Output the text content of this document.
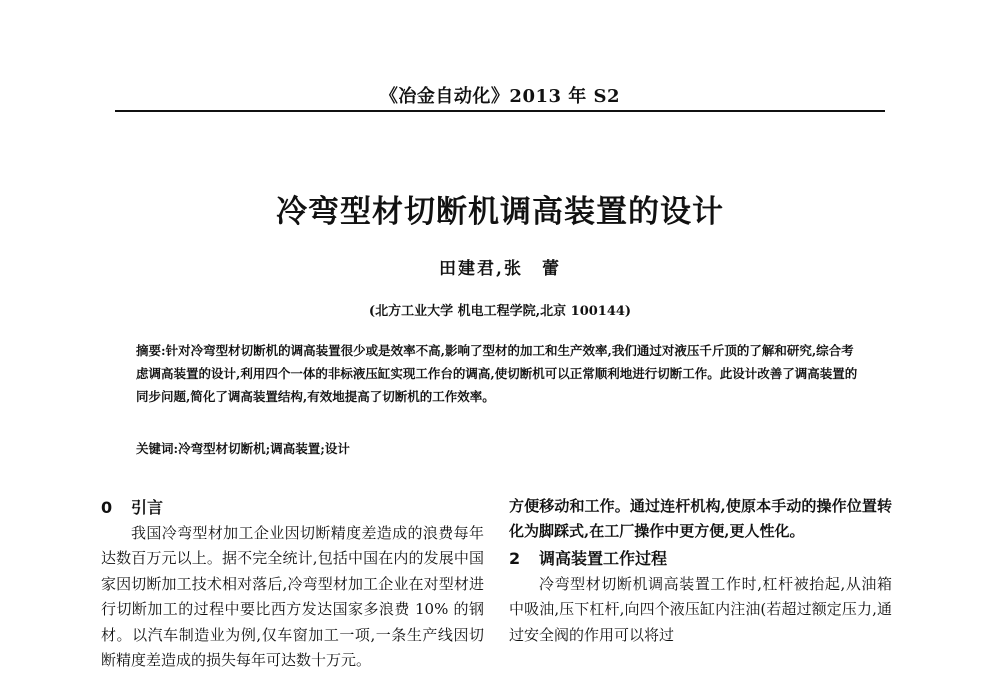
《冶金自动化》2013 年 S2
冷弯型材切断机调高装置的设计
田建君,张　蕾
(北方工业大学 机电工程学院,北京 100144)
摘要:针对冷弯型材切断机的调高装置很少或是效率不高,影响了型材的加工和生产效率,我们通过对液压千斤顶的了解和研究,综合考虑调高装置的设计,利用四个一体的非标液压缸实现工作台的调高,使切断机可以正常顺利地进行切断工作。此设计改善了调高装置的同步问题,简化了调高装置结构,有效地提高了切断机的工作效率。
关键词:冷弯型材切断机;调高装置;设计
0 引言
我国冷弯型材加工企业因切断精度差造成的浪费每年达数百万元以上。据不完全统计,包括中国在内的发展中国家因切断加工技术相对落后,冷弯型材加工企业在对型材进行切断加工的过程中要比西方发达国家多浪费 10% 的钢材。以汽车制造业为例,仅车窗加工一项,一条生产线因切断精度差造成的损失每年可达数十万元。
方便移动和工作。通过连杆机构,使原本手动的操作位置转化为脚踩式,在工厂操作中更方便,更人性化。
2 调高装置工作过程
冷弯型材切断机调高装置工作时,杠杆被抬起,从油箱中吸油,压下杠杆,向四个液压缸内注油(若超过额定压力,通过安全阀的作用可以将过
